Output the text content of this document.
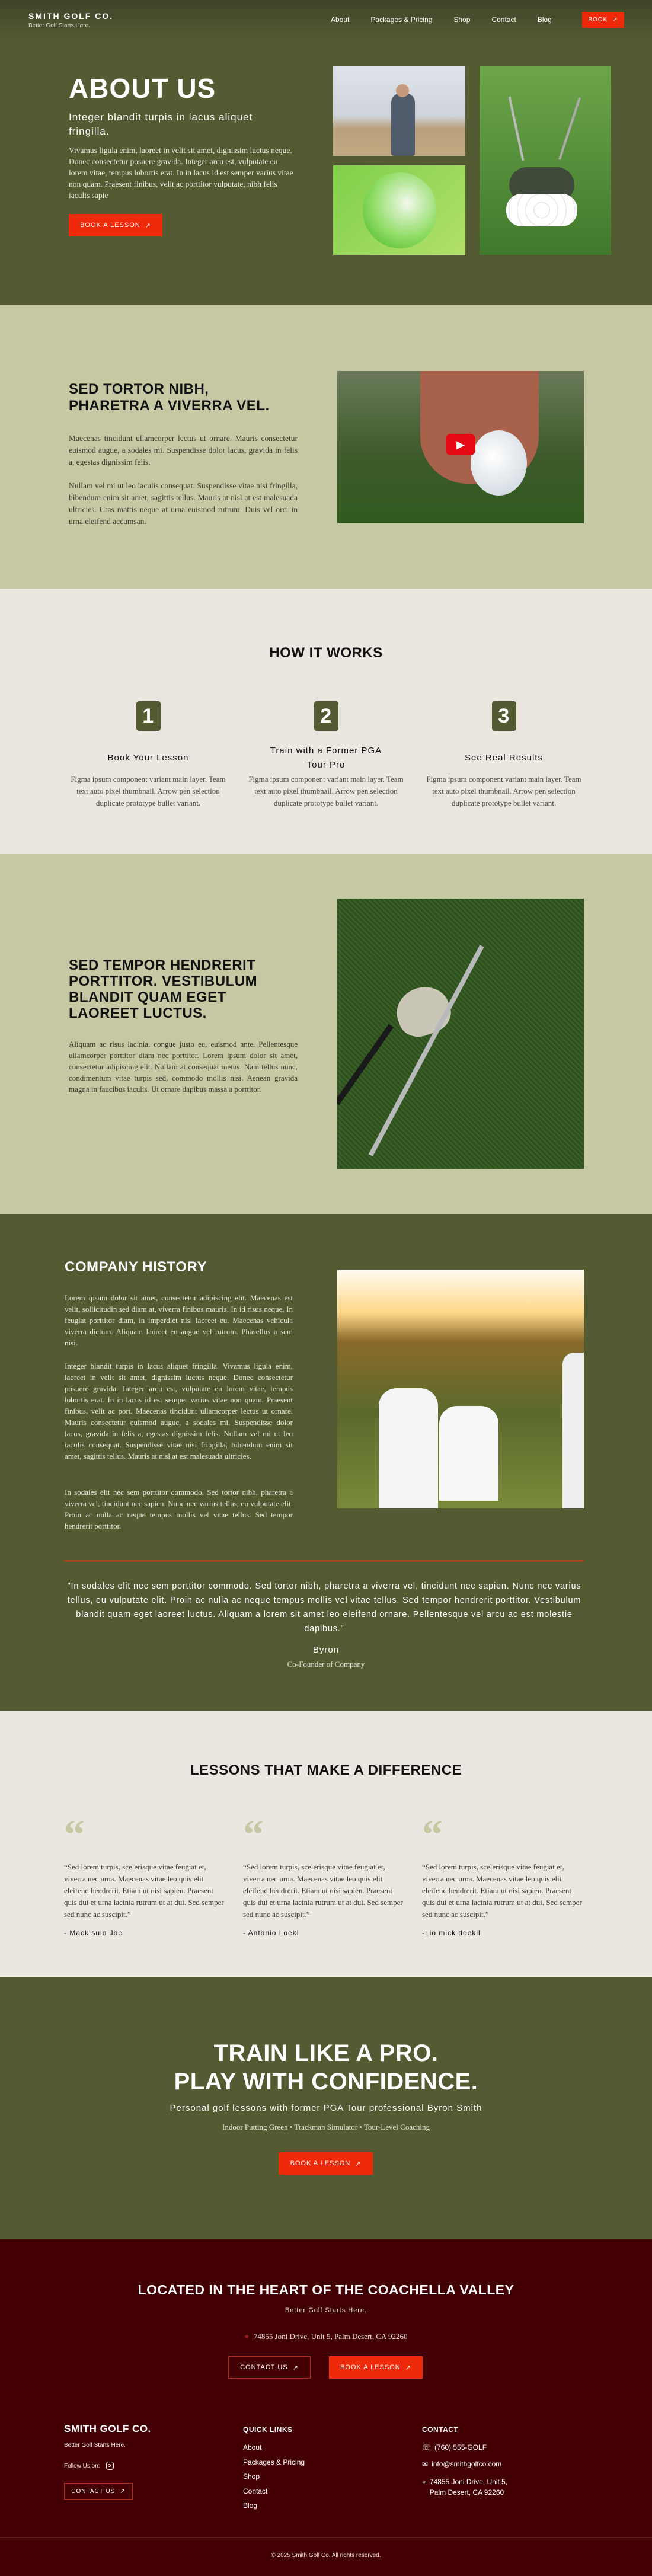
SMITH GOLF CO.
Better Golf Starts Here.
About	Packages & Pricing	Shop	Contact	Blog	BOOK ↗
ABOUT US
Integer blandit turpis in lacus aliquet fringilla.

Vivamus ligula enim, laoreet in velit sit amet, dignissim luctus neque. Donec consectetur posuere gravida. Integer arcu est, vulputate eu lorem vitae, tempus lobortis erat. In in lacus id est semper varius vitae non quam. Praesent finibus, velit ac porttitor vulputate, nibh felis iaculis sapie

BOOK A LESSON ↗
SED TORTOR NIBH, PHARETRA A VIVERRA VEL.

Maecenas tincidunt ullamcorper lectus ut ornare. Mauris consectetur euismod augue, a sodales mi. Suspendisse dolor lacus, gravida in felis a, egestas dignissim felis.

Nullam vel mi ut leo iaculis consequat. Suspendisse vitae nisi fringilla, bibendum enim sit amet, sagittis tellus. Mauris at nisl at est malesuada ultricies. Cras mattis neque at urna euismod rutrum. Duis vel orci in urna eleifend accumsan.

▶
HOW IT WORKS
1
Book Your Lesson

Figma ipsum component variant main layer. Team text auto pixel thumbnail. Arrow pen selection duplicate prototype bullet variant.

2
Train with a Former PGA Tour Pro

Figma ipsum component variant main layer. Team text auto pixel thumbnail. Arrow pen selection duplicate prototype bullet variant.

3
See Real Results

Figma ipsum component variant main layer. Team text auto pixel thumbnail. Arrow pen selection duplicate prototype bullet variant.

SED TEMPOR HENDRERIT PORTTITOR. VESTIBULUM BLANDIT QUAM EGET LAOREET LUCTUS.

Aliquam ac risus lacinia, congue justo eu, euismod ante. Pellentesque ullamcorper porttitor diam nec porttitor. Lorem ipsum dolor sit amet, consectetur adipiscing elit. Nullam at consequat metus. Nam tellus nunc, condimentum vitae turpis sed, commodo mollis nisi. Aenean gravida magna in faucibus iaculis. Ut ornare dapibus massa a porttitor.

COMPANY HISTORY

Lorem ipsum dolor sit amet, consectetur adipiscing elit. Maecenas est velit, sollicitudin sed diam at, viverra finibus mauris. In id risus neque. In feugiat porttitor diam, in imperdiet nisl laoreet eu. Maecenas vehicula viverra dictum. Aliquam laoreet eu augue vel rutrum. Phasellus a sem nisi.

Integer blandit turpis in lacus aliquet fringilla. Vivamus ligula enim, laoreet in velit sit amet, dignissim luctus neque. Donec consectetur posuere gravida. Integer arcu est, vulputate eu lorem vitae, tempus lobortis erat. In in lacus id est semper varius vitae non quam. Praesent finibus, velit ac port. Maecenas tincidunt ullamcorper lectus ut ornare. Mauris consectetur euismod augue, a sodales mi. Suspendisse dolor lacus, gravida in felis a, egestas dignissim felis. Nullam vel mi ut leo iaculis consequat. Suspendisse vitae nisi fringilla, bibendum enim sit amet, sagittis tellus. Mauris at nisl at est malesuada ultricies.

In sodales elit nec sem porttitor commodo. Sed tortor nibh, pharetra a viverra vel, tincidunt nec sapien. Nunc nec varius tellus, eu vulputate elit. Proin ac nulla ac neque tempus mollis vel vitae tellus. Sed tempor hendrerit porttitor.

"In sodales elit nec sem porttitor commodo. Sed tortor nibh, pharetra a viverra vel, tincidunt nec sapien. Nunc nec varius tellus, eu vulputate elit. Proin ac nulla ac neque tempus mollis vel vitae tellus. Sed tempor hendrerit porttitor. Vestibulum blandit quam eget laoreet luctus. Aliquam a lorem sit amet leo eleifend ornare. Pellentesque vel arcu ac est molestie dapibus."

Byron
Co-Founder of Company
LESSONS THAT MAKE A DIFFERENCE
“

“Sed lorem turpis, scelerisque vitae feugiat et, viverra nec urna. Maecenas vitae leo quis elit eleifend hendrerit. Etiam ut nisi sapien. Praesent quis dui et urna lacinia rutrum ut at dui. Sed semper sed nunc ac suscipit.”

- Mack suio Joe
“

“Sed lorem turpis, scelerisque vitae feugiat et, viverra nec urna. Maecenas vitae leo quis elit eleifend hendrerit. Etiam ut nisi sapien. Praesent quis dui et urna lacinia rutrum ut at dui. Sed semper sed nunc ac suscipit.”

- Antonio Loeki
“

“Sed lorem turpis, scelerisque vitae feugiat et, viverra nec urna. Maecenas vitae leo quis elit eleifend hendrerit. Etiam ut nisi sapien. Praesent quis dui et urna lacinia rutrum ut at dui. Sed semper sed nunc ac suscipit.”

-Lio mick doekil
TRAIN LIKE A PRO.
PLAY WITH CONFIDENCE.
Personal golf lessons with former PGA Tour professional Byron Smith
Indoor Putting Green • Trackman Simulator • Tour-Level Coaching
BOOK A LESSON ↗
LOCATED IN THE HEART OF THE COACHELLA VALLEY
Better Golf Starts Here.
⌖ 74855 Joni Drive, Unit 5, Palm Desert, CA 92260
CONTACT US ↗	BOOK A LESSON ↗
SMITH GOLF CO.
Better Golf Starts Here.
Follow Us on:
CONTACT US ↗
QUICK LINKS
About
Packages & Pricing
Shop
Contact
Blog
CONTACT
☏ (760) 555-GOLF
✉ info@smithgolfco.com
⌖ 74855 Joni Drive, Unit 5,
Palm Desert, CA 92260
© 2025 Smith Golf Co. All rights reserved.
